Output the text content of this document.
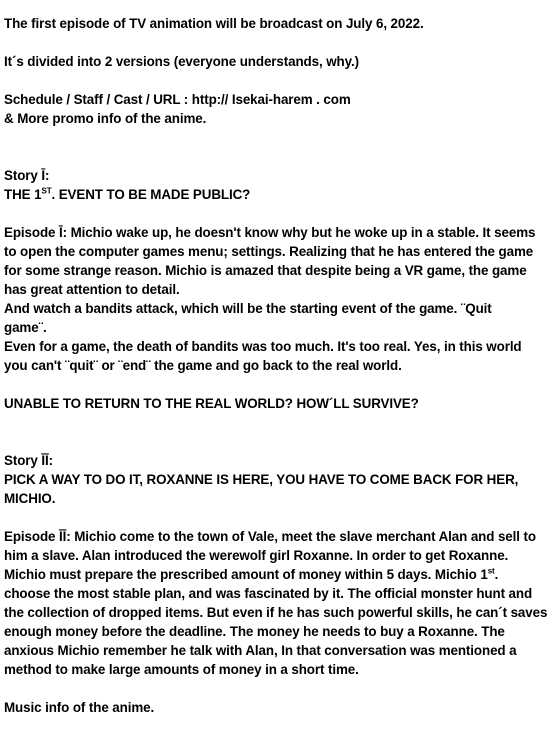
The first episode of TV animation will be broadcast on July 6, 2022.
It´s divided into 2 versions (everyone understands, why.)
Schedule / Staff / Cast / URL : http:// Isekai-harem . com
& More promo info of the anime.
Story Ī:
THE 1ST. EVENT TO BE MADE PUBLIC?
Episode Ī: Michio wake up, he doesn't know why but he woke up in a stable. It seems
to open the computer games menu; settings. Realizing that he has entered the game
for some strange reason. Michio is amazed that despite being a VR game, the game
has great attention to detail.
And watch a bandits attack, which will be the starting event of the game. ¨Quit
game¨.
Even for a game, the death of bandits was too much. It's too real. Yes, in this world
you can't ¨quit¨ or ¨end¨ the game and go back to the real world.
UNABLE TO RETURN TO THE REAL WORLD? HOW´LL SURVIVE?
Story ĪĪ:
PICK A WAY TO DO IT, ROXANNE IS HERE, YOU HAVE TO COME BACK FOR HER,
MICHIO.
Episode ĪĪ: Michio come to the town of Vale, meet the slave merchant Alan and sell to
him a slave. Alan introduced the werewolf girl Roxanne. In order to get Roxanne.
Michio must prepare the prescribed amount of money within 5 days. Michio 1st.
choose the most stable plan, and was fascinated by it. The official monster hunt and
the collection of dropped items. But even if he has such powerful skills, he can´t saves
enough money before the deadline. The money he needs to buy a Roxanne. The
anxious Michio remember he talk with Alan, In that conversation was mentioned a
method to make large amounts of money in a short time.
Music info of the anime.
